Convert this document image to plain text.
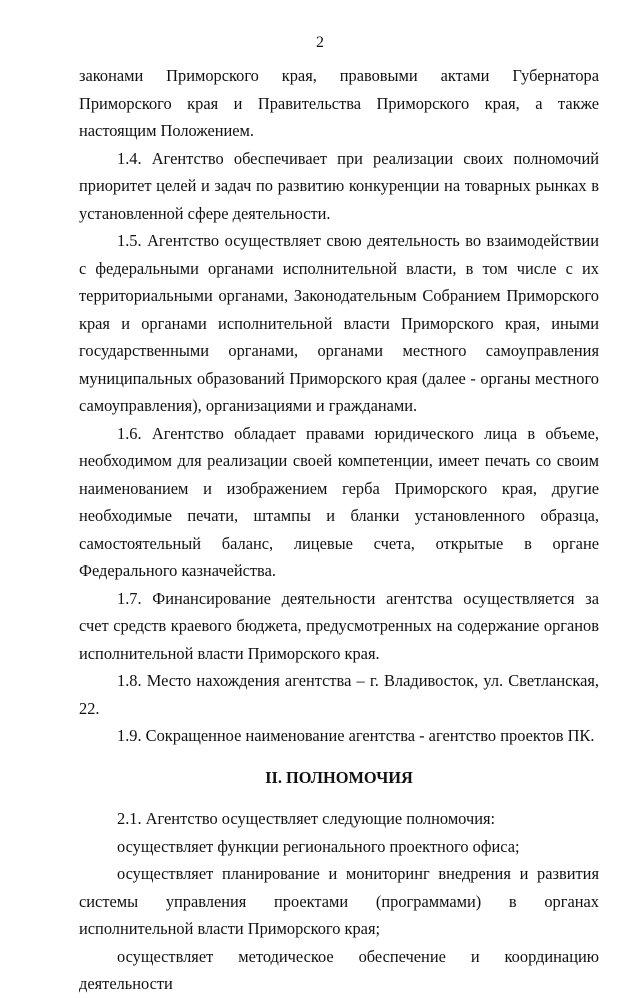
2

законами Приморского края, правовыми актами Губернатора Приморского края и Правительства Приморского края, а также настоящим Положением.

1.4. Агентство обеспечивает при реализации своих полномочий приоритет целей и задач по развитию конкуренции на товарных рынках в установленной сфере деятельности.

1.5. Агентство осуществляет свою деятельность во взаимодействии с федеральными органами исполнительной власти, в том числе с их территориальными органами, Законодательным Собранием Приморского края и органами исполнительной власти Приморского края, иными государственными органами, органами местного самоуправления муниципальных образований Приморского края (далее - органы местного самоуправления), организациями и гражданами.

1.6. Агентство обладает правами юридического лица в объеме, необходимом для реализации своей компетенции, имеет печать со своим наименованием и изображением герба Приморского края, другие необходимые печати, штампы и бланки установленного образца, самостоятельный баланс, лицевые счета, открытые в органе Федерального казначейства.

1.7. Финансирование деятельности агентства осуществляется за счет средств краевого бюджета, предусмотренных на содержание органов исполнительной власти Приморского края.

1.8. Место нахождения агентства – г. Владивосток, ул. Светланская, 22.

1.9. Сокращенное наименование агентства - агентство проектов ПК.

II. ПОЛНОМОЧИЯ

2.1. Агентство осуществляет следующие полномочия:

осуществляет функции регионального проектного офиса;

осуществляет планирование и мониторинг внедрения и развития системы управления проектами (программами) в органах исполнительной власти Приморского края;

осуществляет методическое обеспечение и координацию деятельности
